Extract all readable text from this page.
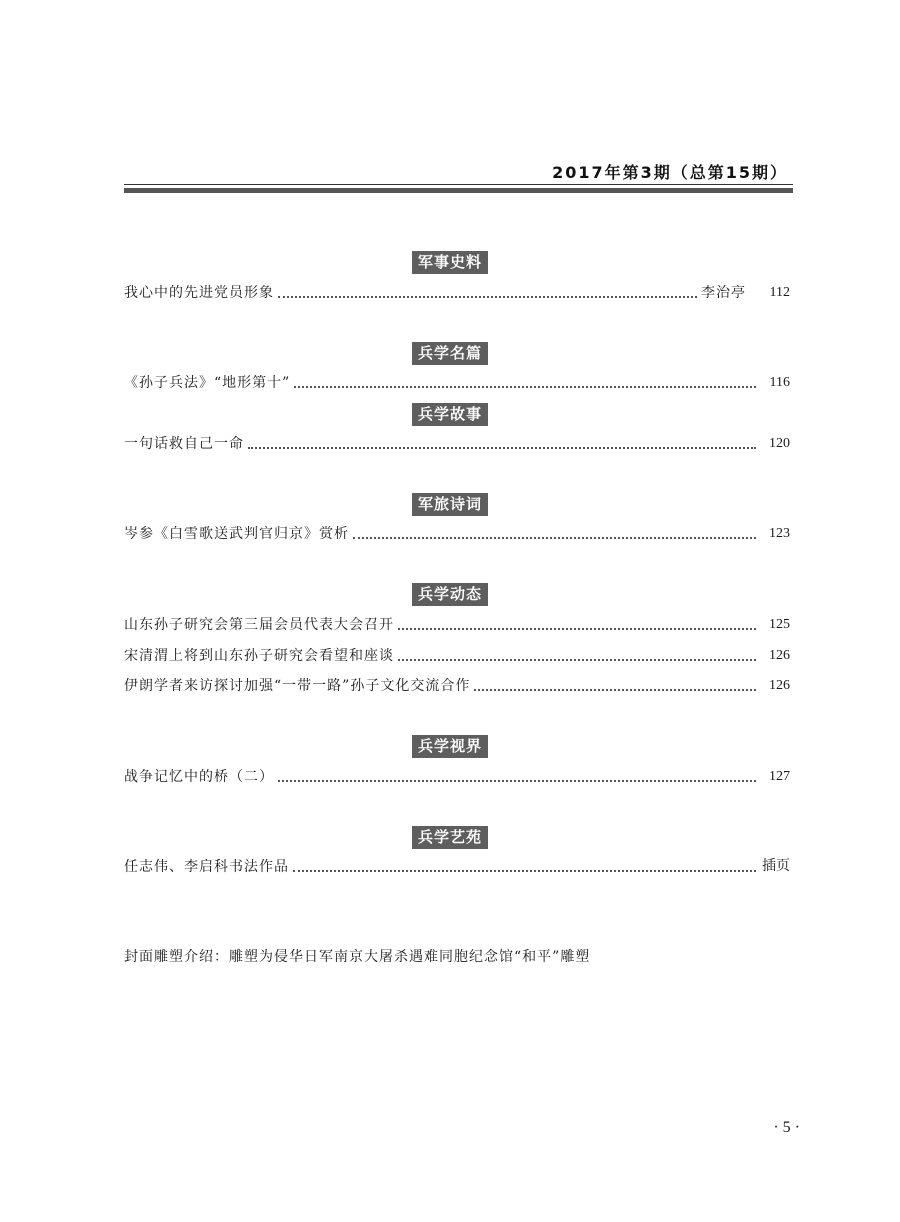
2017年第3期（总第15期）
军事史料
我心中的先进党员形象	李治亭	112
兵学名篇
《孙子兵法》“地形第十”	116
兵学故事
一句话救自己一命	120
军旅诗词
岑参《白雪歌送武判官归京》赏析	123
兵学动态
山东孙子研究会第三届会员代表大会召开	125
宋清渭上将到山东孙子研究会看望和座谈	126
伊朗学者来访探讨加强“一带一路”孙子文化交流合作	126
兵学视界
战争记忆中的桥（二）	127
兵学艺苑
任志伟、李启科书法作品	插页
封面雕塑介绍：雕塑为侵华日军南京大屠杀遇难同胞纪念馆“和平”雕塑
· 5 ·
